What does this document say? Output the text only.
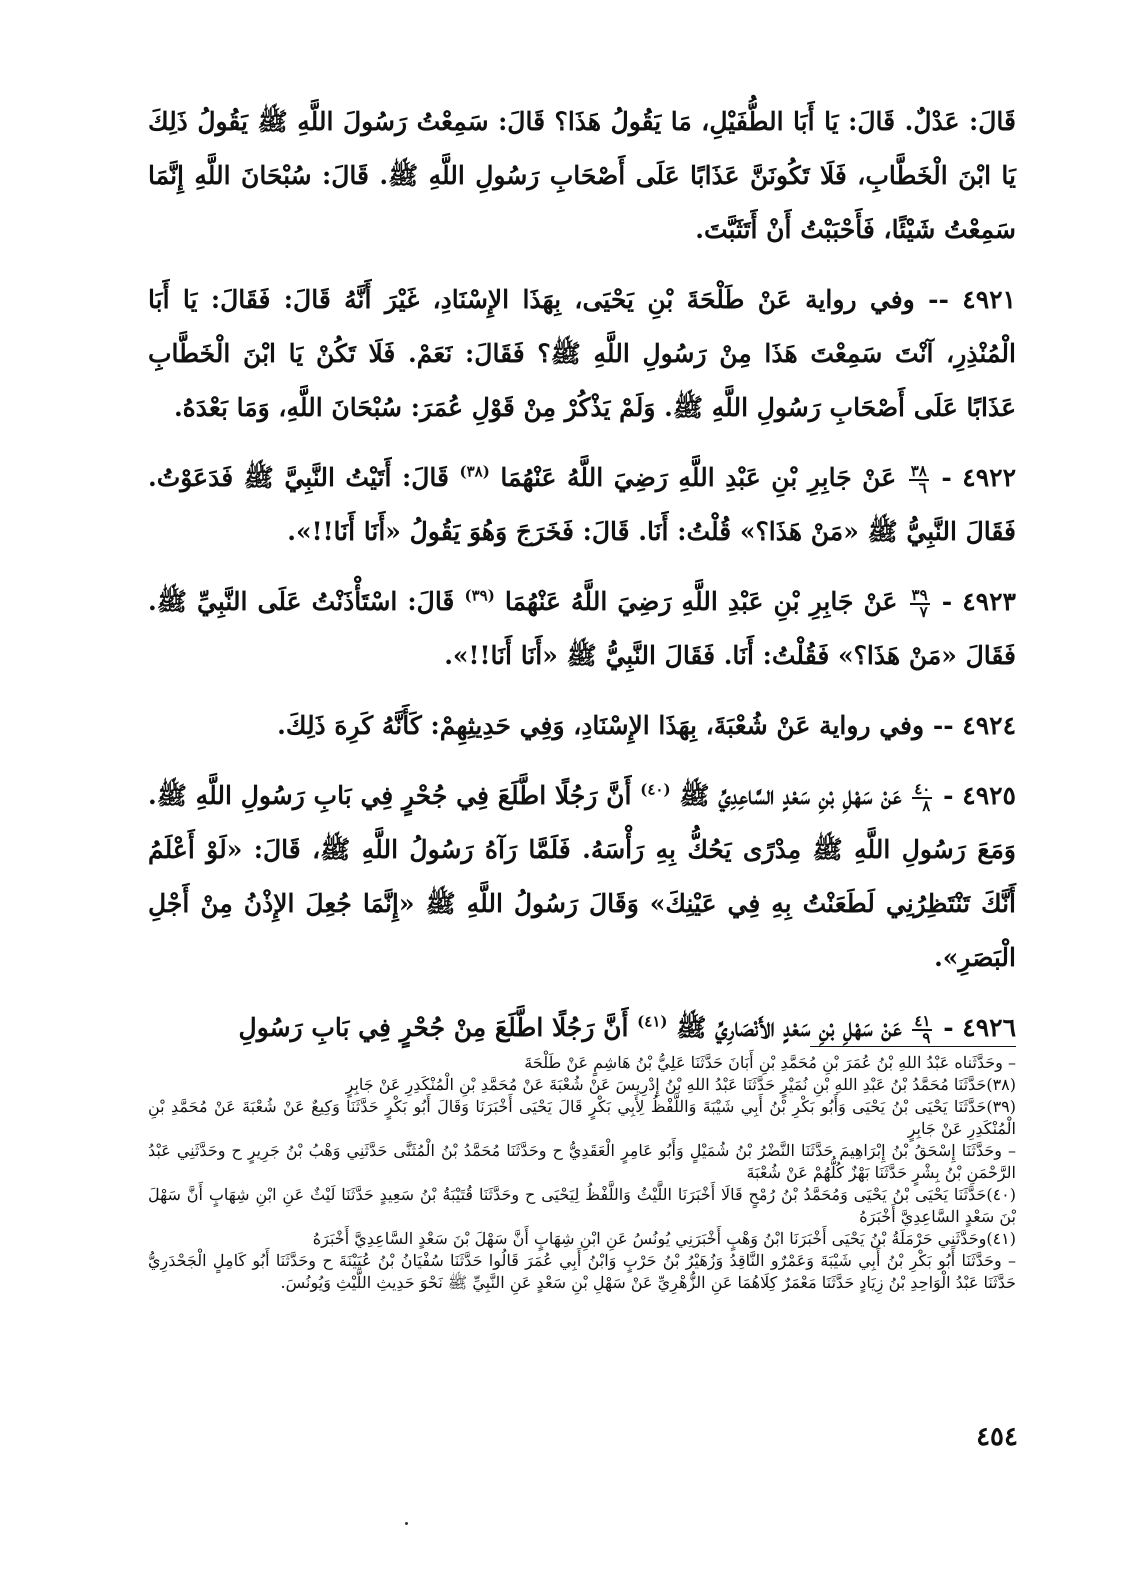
قَالَ: عَدْلٌ. قَالَ: يَا أَبَا الطُّفَيْلِ، مَا يَقُولُ هَذَا؟ قَالَ: سَمِعْتُ رَسُولَ اللَّهِ ﷺ يَقُولُ ذَلِكَ يَا ابْنَ الْخَطَّابِ، فَلَا تَكُونَنَّ عَذَابًا عَلَى أَصْحَابِ رَسُولِ اللَّهِ ﷺ. قَالَ: سُبْحَانَ اللَّهِ إِنَّمَا سَمِعْتُ شَيْئًا، فَأَحْبَبْتُ أَنْ أَتَثَبَّتَ.

٤٩٢١ -- وفي رواية عَنْ طَلْحَةَ بْنِ يَحْيَى، بِهَذَا الإِسْنَادِ، غَيْرَ أَنَّهُ قَالَ: فَقَالَ: يَا أَبَا الْمُنْذِرِ، آنْتَ سَمِعْتَ هَذَا مِنْ رَسُولِ اللَّهِ ﷺ؟ فَقَالَ: نَعَمْ. فَلَا تَكُنْ يَا ابْنَ الْخَطَّابِ عَذَابًا عَلَى أَصْحَابِ رَسُولِ اللَّهِ ﷺ. وَلَمْ يَذْكُرْ مِنْ قَوْلِ عُمَرَ: سُبْحَانَ اللَّهِ، وَمَا بَعْدَهُ.

٤٩٢٢ -
$\frac{٣٨}{٦}$
عَنْ جَابِرِ بْنِ عَبْدِ اللَّهِ رَضِيَ اللَّهُ عَنْهُمَا $^{(٣٨)}$ قَالَ: أَتَيْتُ النَّبِيَّ ﷺ فَدَعَوْتُ. فَقَالَ النَّبِيُّ ﷺ «مَنْ هَذَا؟» قُلْتُ: أَنَا. قَالَ: فَخَرَجَ وَهُوَ يَقُولُ «أَنَا أَنَا!!».

٤٩٢٣ -
$\frac{٣٩}{٧}$
عَنْ جَابِرِ بْنِ عَبْدِ اللَّهِ رَضِيَ اللَّهُ عَنْهُمَا $^{(٣٩)}$ قَالَ: اسْتَأْذَنْتُ عَلَى النَّبِيِّ ﷺ. فَقَالَ «مَنْ هَذَا؟» فَقُلْتُ: أَنَا. فَقَالَ النَّبِيُّ ﷺ «أَنَا أَنَا!!».

٤٩٢٤ -- وفي رواية عَنْ شُعْبَةَ، بِهَذَا الإِسْنَادِ، وَفِي حَدِيثِهِمْ: كَأَنَّهُ كَرِهَ ذَلِكَ.

٤٩٢٥ -
$\frac{٤٠}{٨}$
عَنْ سَهْلِ بْنِ سَعْدٍ السَّاعِدِيِّ ﷺ $^{(٤٠)}$ أَنَّ رَجُلًا اطَّلَعَ فِي جُحْرٍ فِي بَابِ رَسُولِ اللَّهِ ﷺ. وَمَعَ رَسُولِ اللَّهِ ﷺ مِدْرًى يَحُكُّ بِهِ رَأْسَهُ. فَلَمَّا رَآهُ رَسُولُ اللَّهِ ﷺ، قَالَ: «لَوْ أَعْلَمُ أَنَّكَ تَنْتَظِرُنِي لَطَعَنْتُ بِهِ فِي عَيْنِكَ» وَقَالَ رَسُولُ اللَّهِ ﷺ «إِنَّمَا جُعِلَ الإِذْنُ مِنْ أَجْلِ الْبَصَرِ».

٤٩٢٦ -
$\frac{٤١}{٩}$
عَنْ سَهْلِ بْنِ سَعْدٍ الأَنْصَارِيِّ ﷺ $^{(٤١)}$ أَنَّ رَجُلًا اطَّلَعَ مِنْ جُحْرٍ فِي بَابِ رَسُولِ

– وحَدَّثَناه عَبْدُ اللهِ بْنُ عُمَرَ بْنِ مُحَمَّدِ بْنِ أَبَانَ حَدَّثَنَا عَلِيُّ بْنُ هَاشِمٍ عَنْ طَلْحَةَ

(٣٨)حَدَّثَنَا مُحَمَّدُ بْنُ عَبْدِ اللهِ بْنِ نُمَيْرٍ حَدَّثَنَا عَبْدُ اللهِ بْنُ إِدْرِيسَ عَنْ شُعْبَةَ عَنْ مُحَمَّدِ بْنِ الْمُنْكَدِرِ عَنْ جَابِرٍ

(٣٩)حَدَّثَنَا يَحْيَى بْنُ يَحْيَى وَأَبُو بَكْرِ بْنُ أَبِي شَيْبَةَ وَاللَّفْظُ لِأَبِي بَكْرٍ قَالَ يَحْيَى أَخْبَرَنَا وَقَالَ أَبُو بَكْرٍ حَدَّثَنَا وَكِيعٌ عَنْ شُعْبَةَ عَنْ مُحَمَّدِ بْنِ الْمُنْكَدِرِ عَنْ جَابِرٍ

– وحَدَّثَنَا إِسْحَقُ بْنُ إِبْرَاهِيمَ حَدَّثَنَا النَّضْرُ بْنُ شُمَيْلٍ وَأَبُو عَامِرٍ الْعَقَدِيُّ ح وحَدَّثَنَا مُحَمَّدُ بْنُ الْمُثَنَّى حَدَّثَنِي وَهْبُ بْنُ جَرِيرٍ ح وحَدَّثَنِي عَبْدُ الرَّحْمَنِ بْنُ بِشْرٍ حَدَّثَنَا بَهْزٌ كُلُّهُمْ عَنْ شُعْبَةَ

(٤٠)حَدَّثَنَا يَحْيَى بْنُ يَحْيَى وَمُحَمَّدُ بْنُ رُمْحٍ قَالَا أَخْبَرَنَا اللَّيْثُ وَاللَّفْظُ لِيَحْيَى ح وحَدَّثَنَا قُتَيْبَةُ بْنُ سَعِيدٍ حَدَّثَنَا لَيْثٌ عَنِ ابْنِ شِهَابٍ أَنَّ سَهْلَ بْنَ سَعْدٍ السَّاعِدِيَّ أَخْبَرَهُ

(٤١)وحَدَّثَنِي حَرْمَلَةُ بْنُ يَحْيَى أَخْبَرَنَا ابْنُ وَهْبٍ أَخْبَرَنِي يُونُسُ عَنِ ابْنِ شِهَابٍ أَنَّ سَهْلَ بْنَ سَعْدٍ السَّاعِدِيَّ أَخْبَرَهُ

– وحَدَّثَنَا أَبُو بَكْرِ بْنُ أَبِي شَيْبَةَ وَعَمْرٌو النَّاقِدُ وَزُهَيْرُ بْنُ حَرْبٍ وَابْنُ أَبِي عُمَرَ قَالُوا حَدَّثَنَا سُفْيَانُ بْنُ عُيَيْنَةَ ح وحَدَّثَنَا أَبُو كَامِلٍ الْجَحْدَرِيُّ حَدَّثَنَا عَبْدُ الْوَاحِدِ بْنُ زِيَادٍ حَدَّثَنَا مَعْمَرٌ كِلَاهُمَا عَنِ الزُّهْرِيِّ عَنْ سَهْلِ بْنِ سَعْدٍ عَنِ النَّبِيِّ ﷺ نَحْوَ حَدِيثِ اللَّيْثِ وَيُونُسَ.

٤٥٤
